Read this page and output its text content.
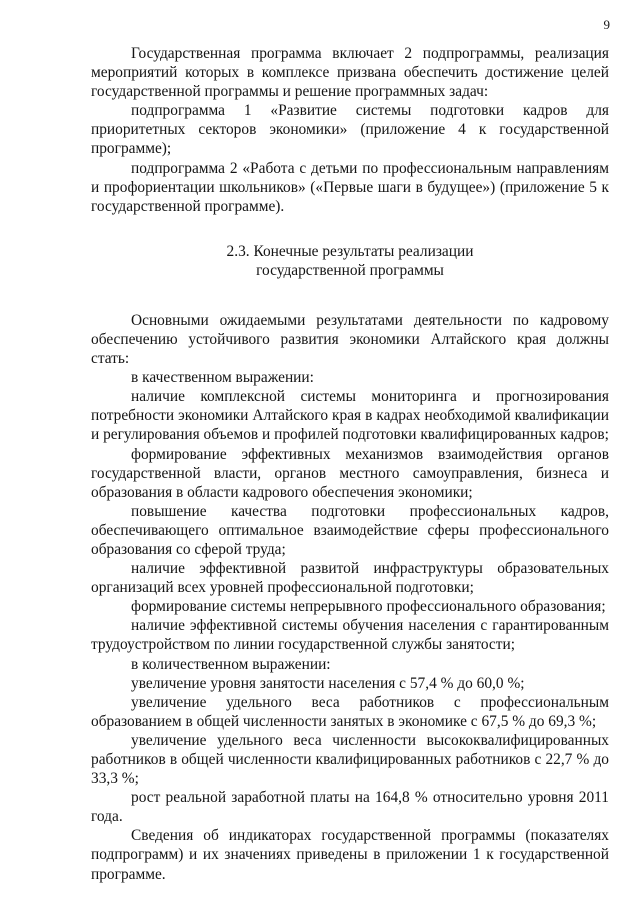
9

Государственная программа включает 2 подпрограммы, реализация мероприятий которых в комплексе призвана обеспечить достижение целей государственной программы и решение программных задач:

подпрограмма 1 «Развитие системы подготовки кадров для приоритетных секторов экономики» (приложение 4 к государственной программе);

подпрограмма 2 «Работа с детьми по профессиональным направлениям и профориентации школьников» («Первые шаги в будущее») (приложение 5 к государственной программе).

2.3. Конечные результаты реализации
государственной программы

Основными ожидаемыми результатами деятельности по кадровому обеспечению устойчивого развития экономики Алтайского края должны стать:

в качественном выражении:

наличие комплексной системы мониторинга и прогнозирования потребности экономики Алтайского края в кадрах необходимой квалификации и регулирования объемов и профилей подготовки квалифицированных кадров;

формирование эффективных механизмов взаимодействия органов государственной власти, органов местного самоуправления, бизнеса и образования в области кадрового обеспечения экономики;

повышение качества подготовки профессиональных кадров, обеспечивающего оптимальное взаимодействие сферы профессионального образования со сферой труда;

наличие эффективной развитой инфраструктуры образовательных организаций всех уровней профессиональной подготовки;

формирование системы непрерывного профессионального образования;

наличие эффективной системы обучения населения с гарантированным трудоустройством по линии государственной службы занятости;

в количественном выражении:

увеличение уровня занятости населения с 57,4 % до 60,0 %;

увеличение удельного веса работников с профессиональным образованием в общей численности занятых в экономике с 67,5 % до 69,3 %;

увеличение удельного веса численности высококвалифицированных работников в общей численности квалифицированных работников с 22,7 % до 33,3 %;

рост реальной заработной платы на 164,8 % относительно уровня 2011 года.

Сведения об индикаторах государственной программы (показателях подпрограмм) и их значениях приведены в приложении 1 к государственной программе.
